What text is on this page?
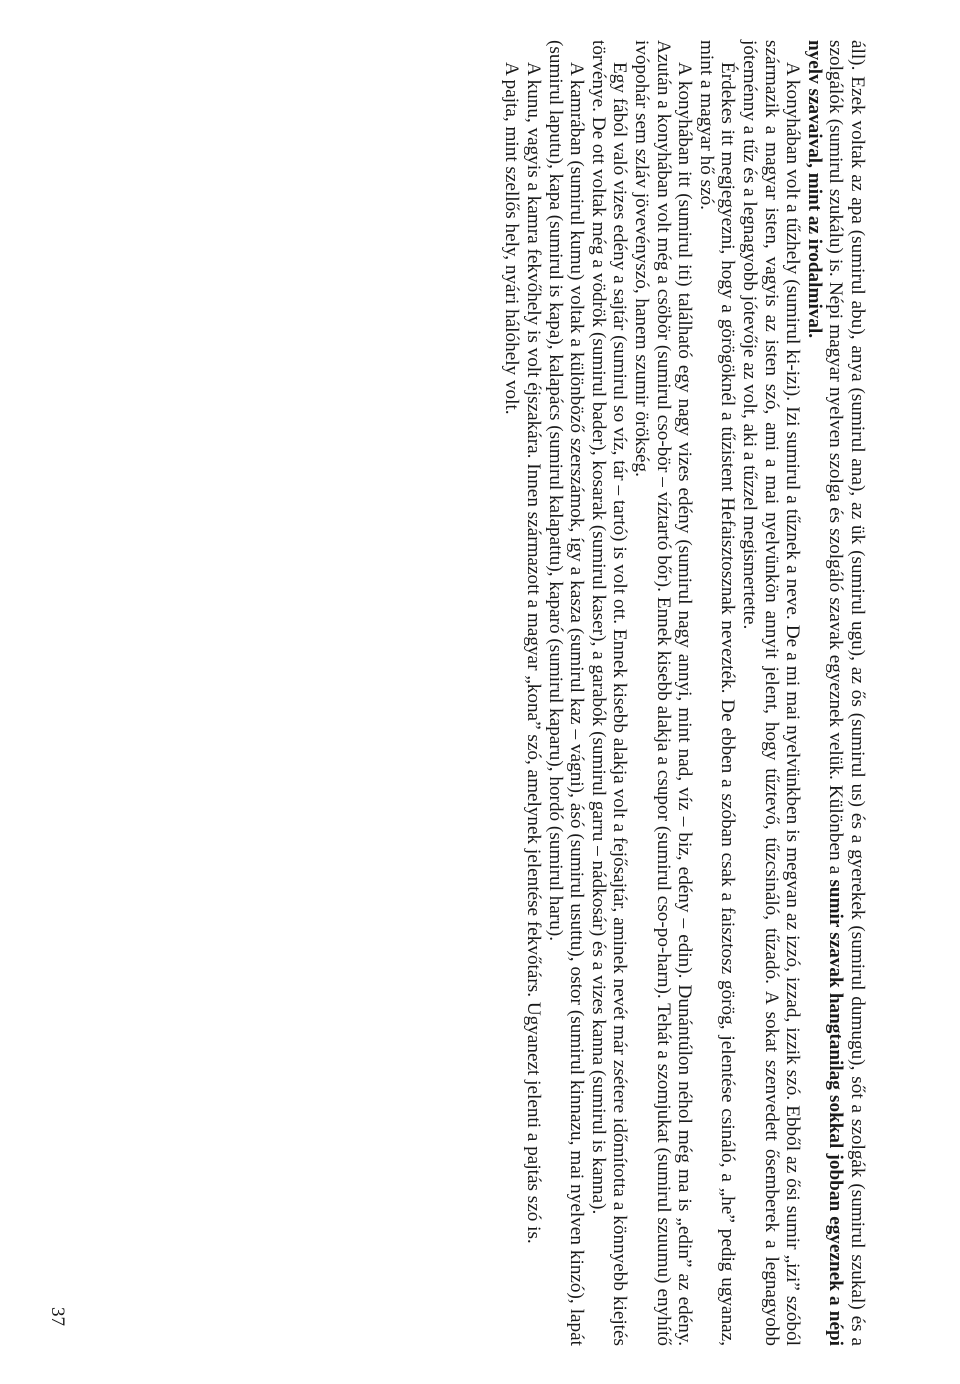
áll). Ezek voltak az apa (sumirul abu), anya (sumirul ana), az ük (sumirul ugu), az ős (sumirul us) és a gyerekek (sumirul dumugu), sőt a szolgák (sumirul szukal) és a szolgálók (sumirul szukálu) is. Népi magyar nyelven szolga és szolgáló szavak egyeznek velük. Különben a sumir szavak hangtanilag sokkal jobban egyeznek a népi nyelv szavaival, mint az irodalmival.

A konyhában volt a tűzhely (sumirul ki-izi). Izi sumirul a tűznek a neve. De a mi mai nyelvünkben is megvan az izzó, izzad, izzik szó. Ebből az ősi sumir „izi” szóból származik a magyar isten, vagyis az isten szó, ami a mai nyelvünkön annyit jelent, hogy tűztevő, tűzcsináló, tűzadó. A sokat szenvedett ősemberek a legnagyobb jóteménny a tűz és a legnagyobb jótevője az volt, aki a tűzzel megismertette.

Érdekes itt megjegyezni, hogy a görögöknél a tűzistent Hefaisztosznak nevezték. De ebben a szóban csak a faisztosz görög, jelentése csináló, a „he” pedig ugyanaz, mint a magyar hő szó.

A konyhában itt (sumirul iti) található egy nagy vizes edény (sumirul nagy annyi, mint nad, víz – biz, edény – edin). Dunántúlon néhol még ma is „edin” az edény. Azután a konyhában volt még a csöbör (sumirul cso-bör – víztartó bőr). Ennek kisebb alakja a csupor (sumirul cso-po-harn). Tehát a szomjukat (sumirul szuumu) enyhítő ivópohár sem szláv jövevényszó, hanem szumir örökség.

Egy fából való vizes edény a sajtár (sumirul so víz, tár – tartó) is volt ott. Ennek kisebb alakja volt a fejősajtár, aminek nevét már zsétere időmította a könnyebb kiejtés törvénye. De ott voltak még a vödrök (sumirul bader), kosarak (sumirul kaser), a garabók (sumirul garru – nádkosár) és a vizes kanna (sumirul is kanna).

A kamrában (sumirul kumu) voltak a különböző szerszámok, így a kasza (sumirul kaz – vágni), ásó (sumirul usuttu), ostor (sumirul kinnazu, mai nyelven kinzó), lapát (sumirul laputu), kapa (sumirul is kapa), kalapács (sumirul kalapattu), kaparó (sumirul kaparu), hordó (sumirul haru).

A kunu, vagyis a kamra fekvőhely is volt éjszakára. Innen származott a magyar „kona” szó, amelynek jelentése fekvőtárs. Ugyanezt jelenti a pajtás szó is.

A pajta, mint szellős hely, nyári hálóhely volt.

37
